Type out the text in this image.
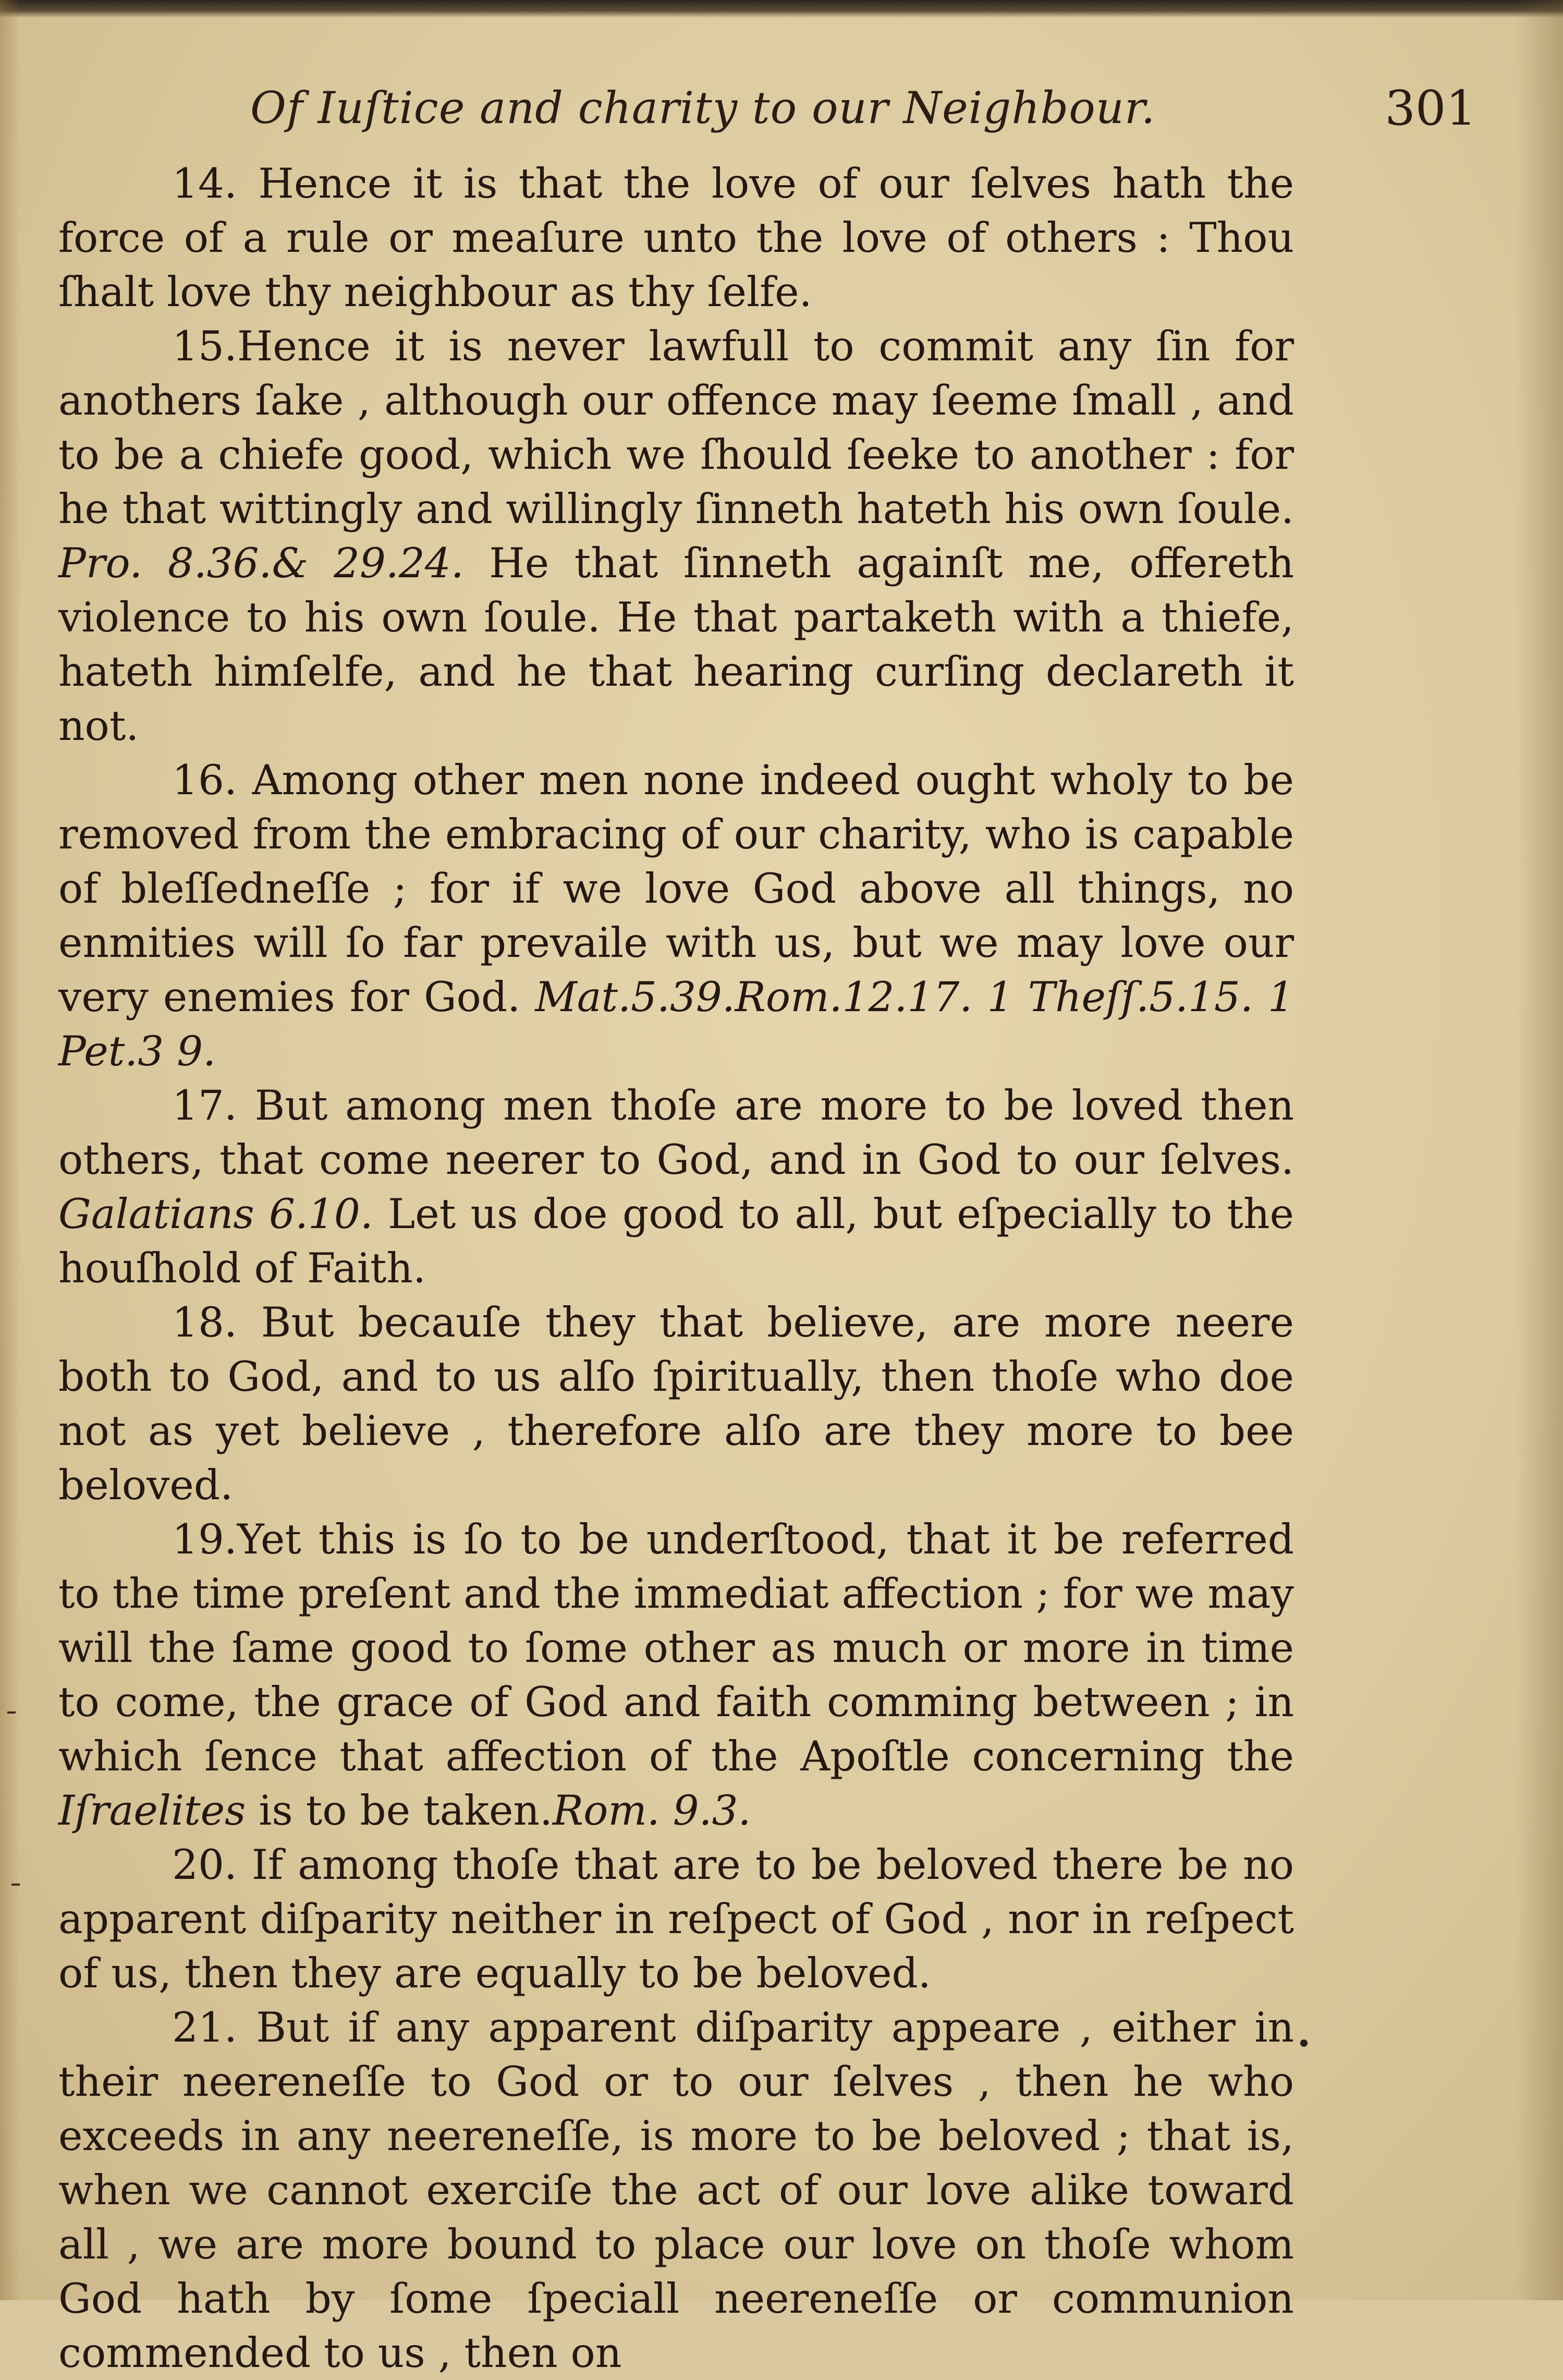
Of Iuſtice and charity to our Neighbour.	301

14. Hence it is that the love of our ſelves hath the force of a rule or meaſure unto the love of others : Thou ſhalt love thy neighbour as thy ſelfe.

15.Hence it is never lawfull to commit any ſin for anothers ſake , although our offence may ſeeme ſmall , and to be a chiefe good, which we ſhould ſeeke to another : for he that wittingly and willingly ſinneth hateth his own ſoule. Pro. 8.36.& 29.24. He that ſinneth againſt me, offereth violence to his own ſoule. He that partaketh with a thiefe, hateth himſelfe, and he that hearing curſing declareth it not.

16. Among other men none indeed ought wholy to be removed from the embracing of our charity, who is capable of bleſſedneſſe ; for if we love God above all things, no enmities will ſo far prevaile with us, but we may love our very enemies for God. Mat.5.39.Rom.12.17. 1 Theſſ.5.15. 1 Pet.3 9.

17. But among men thoſe are more to be loved then others, that come neerer to God, and in God to our ſelves. Galatians 6.10. Let us doe good to all, but eſpecially to the houſhold of Faith.

18. But becauſe they that believe, are more neere both to God, and to us alſo ſpiritually, then thoſe who doe not as yet believe , therefore alſo are they more to bee beloved.

19.Yet this is ſo to be underſtood, that it be referred to the time preſent and the immediat affection ; for we may will the ſame good to ſome other as much or more in time to come, the grace of God and faith comming between ; in which ſence that affection of the Apoſtle concerning the Iſraelites is to be taken.Rom. 9.3.

20. If among thoſe that are to be beloved there be no apparent diſparity neither in reſpect of God , nor in reſpect of us, then they are equally to be beloved.

21. But if any apparent diſparity appeare , either in their neereneſſe to God or to our ſelves , then he who exceeds in any neereneſſe, is more to be beloved ; that is, when we cannot exerciſe the act of our love alike toward all , we are more bound to place our love on thoſe whom God hath by ſome ſpeciall neereneſſe or communion commended to us , then on
